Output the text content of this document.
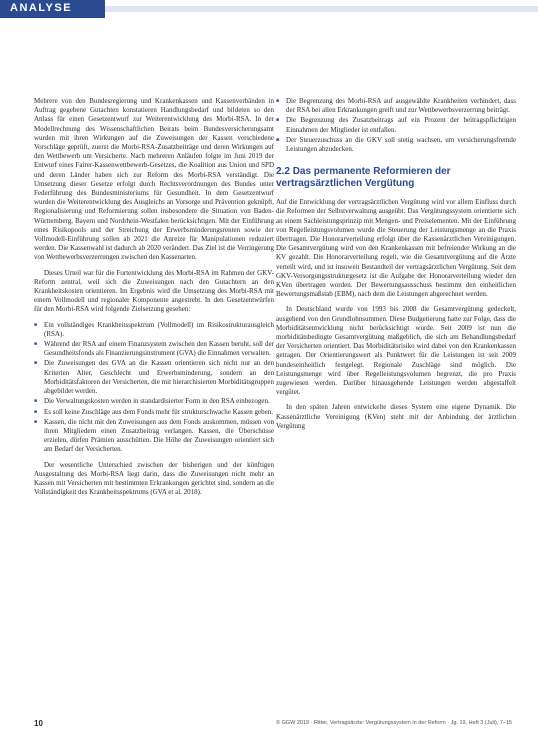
ANALYSE

Mehrere von den Bundesregierung und Krankenkassen und Kassenverbänden in Auftrag gegebene Gutachten konstatieren Handlungsbedarf und bildeten so den Anlass für einen Gesetzentwurf zur Weiterentwicklung des Morbi-RSA. In der Modellrechnung des Wissenschaftlichen Beirats beim Bundesversicherungsamt wurden mit ihren Wirkungen auf die Zuweisungen der Kassen verschiedene Vorschläge geprüft, zuerst die Morbi-RSA-Zusatzbeiträge und deren Wirkungen auf den Wettbewerb um Versicherte. Nach mehreren Anläufen folgte im Juni 2019 der Entwurf eines Fairer-Kassenwettbewerb-Gesetzes, die Koalition aus Union und SPD und deren Länder haben sich zur Reform des Morbi-RSA verständigt. Die Umsetzung dieser Gesetze erfolgt durch Rechtsverordnungen des Bundes unter Federführung des Bundesministeriums für Gesundheit. In dem Gesetzentwurf wurden die Weiterentwicklung des Ausgleichs an Vorsorge und Prävention geknüpft, Regionalisierung und Reformierung sollen insbesondere die Situation von Baden-Württemberg, Bayern und Nordrhein-Westfalen berücksichtigen. Mit der Einführung eines Risikopools und der Streichung der Erwerbsminderungsrenten sowie der Vollmodell-Einführung sollen ab 2021 die Anreize für Manipulationen reduziert werden. Die Kassenwahl ist dadurch ab 2020 verändert. Das Ziel ist die Verringerung von Wettbewerbsverzerrungen zwischen den Kassenarten.

Dieses Urteil war für die Fortentwicklung des Morbi-RSA im Rahmen der GKV-Reform zentral, weil sich die Zuweisungen nach den Gutachtern an den Krankheitskosten orientieren. Im Ergebnis wird die Umsetzung des Morbi-RSA mit einem Vollmodell und regionaler Komponente angestrebt. In den Gesetzentwürfen für den Morbi-RSA wird folgende Zielsetzung gesehen:

■ Ein vollständiges Krankheitsspektrum (Vollmodell) im Risikostrukturausgleich (RSA).
■ Während der RSA auf einem Finanzsystem zwischen den Kassen beruht, soll der Gesundheitsfonds als Finanzierungsinstrument (GVA) die Einnahmen verwalten.
■ Die Zuweisungen des GVA an die Kassen orientieren sich nicht nur an den Kriterien Alter, Geschlecht und Erwerbsminderung, sondern an den Morbiditätsfaktoren der Versicherten, die mit hierarchisierten Morbiditätsgruppen abgebildet werden.
■ Die Verwaltungskosten werden in standardisierter Form in den RSA einbezogen.
■ Es soll keine Zuschläge aus dem Fonds mehr für strukturschwache Kassen geben.
■ Kassen, die nicht mit den Zuweisungen aus dem Fonds auskommen, müssen von ihren Mitgliedern einen Zusatzbeitrag verlangen. Kassen, die Überschüsse erzielen, dürfen Prämien ausschütten. Die Höhe der Zuweisungen orientiert sich am Bedarf der Versicherten.

Der wesentliche Unterschied zwischen der bisherigen und der künftigen Ausgestaltung des Morbi-RSA liegt darin, dass die Zuweisungen nicht mehr an Kassen mit Versicherten mit bestimmten Erkrankungen gerichtet sind, sondern an die Vollständigkeit des Krankheitsspektrums (GVA et al. 2018).

■ Die Begrenzung des Morbi-RSA auf ausgewählte Krankheiten verhindert, dass der RSA bei allen Erkrankungen greift und zur Wettbewerbsverzerrung beiträgt.
■ Die Begrenzung des Zusatzbeitrags auf ein Prozent der beitragspflichtigen Einnahmen der Mitglieder ist entfallen.
■ Der Steuerzuschuss an die GKV soll stetig wachsen, um versicherungsfremde Leistungen abzudecken.
2.2 Das permanente Reformieren der vertragsärztlichen Vergütung

Auf die Entwicklung der vertragsärztlichen Vergütung wird vor allem Einfluss durch die Reformen der Selbstverwaltung ausgeübt. Das Vergütungssystem orientierte sich an einem Sachleistungsprinzip mit Mengen- und Preiselementen. Mit der Einführung von Regelleistungsvolumen wurde die Steuerung der Leistungsmenge an die Praxis übertragen. Die Honorarverteilung erfolgt über die Kassenärztlichen Vereinigungen. Die Gesamtvergütung wird von den Krankenkassen mit befreiender Wirkung an die KV gezahlt. Die Honorarverteilung regelt, wie die Gesamtvergütung auf die Ärzte verteilt wird, und ist insoweit Bestandteil der vertragsärztlichen Vergütung. Seit dem GKV-Versorgungsstrukturgesetz ist die Aufgabe der Honorarverteilung wieder den KVen übertragen worden. Der Bewertungsausschuss bestimmt den einheitlichen Bewertungsmaßstab (EBM), nach dem die Leistungen abgerechnet werden.

In Deutschland wurde von 1993 bis 2008 die Gesamtvergütung gedeckelt, ausgehend von den Grundlohnsummen. Diese Budgetierung hatte zur Folge, dass die Morbiditätsentwicklung nicht berücksichtigt wurde. Seit 2009 ist nun die morbiditätsbedingte Gesamtvergütung maßgeblich, die sich am Behandlungsbedarf der Versicherten orientiert. Das Morbiditätsrisiko wird dabei von den Krankenkassen getragen. Der Orientierungswert als Punktwert für die Leistungen ist seit 2009 bundeseinheitlich festgelegt. Regionale Zuschläge sind möglich. Die Leistungsmenge wird über Regelleistungsvolumen begrenzt, die pro Praxis zugewiesen werden. Darüber hinausgehende Leistungen werden abgestaffelt vergütet.

In den späten Jahren entwickelte dieses System eine eigene Dynamik. Die Kassenärztliche Vereinigung (KVen) steht mit der Anbindung der ärztlichen Vergütung

10	© GGW 2019 · Ritter, Vertragsärzte: Vergütungssystem in der Reform · Jg. 19, Heft 3 (Juli), 7–15
